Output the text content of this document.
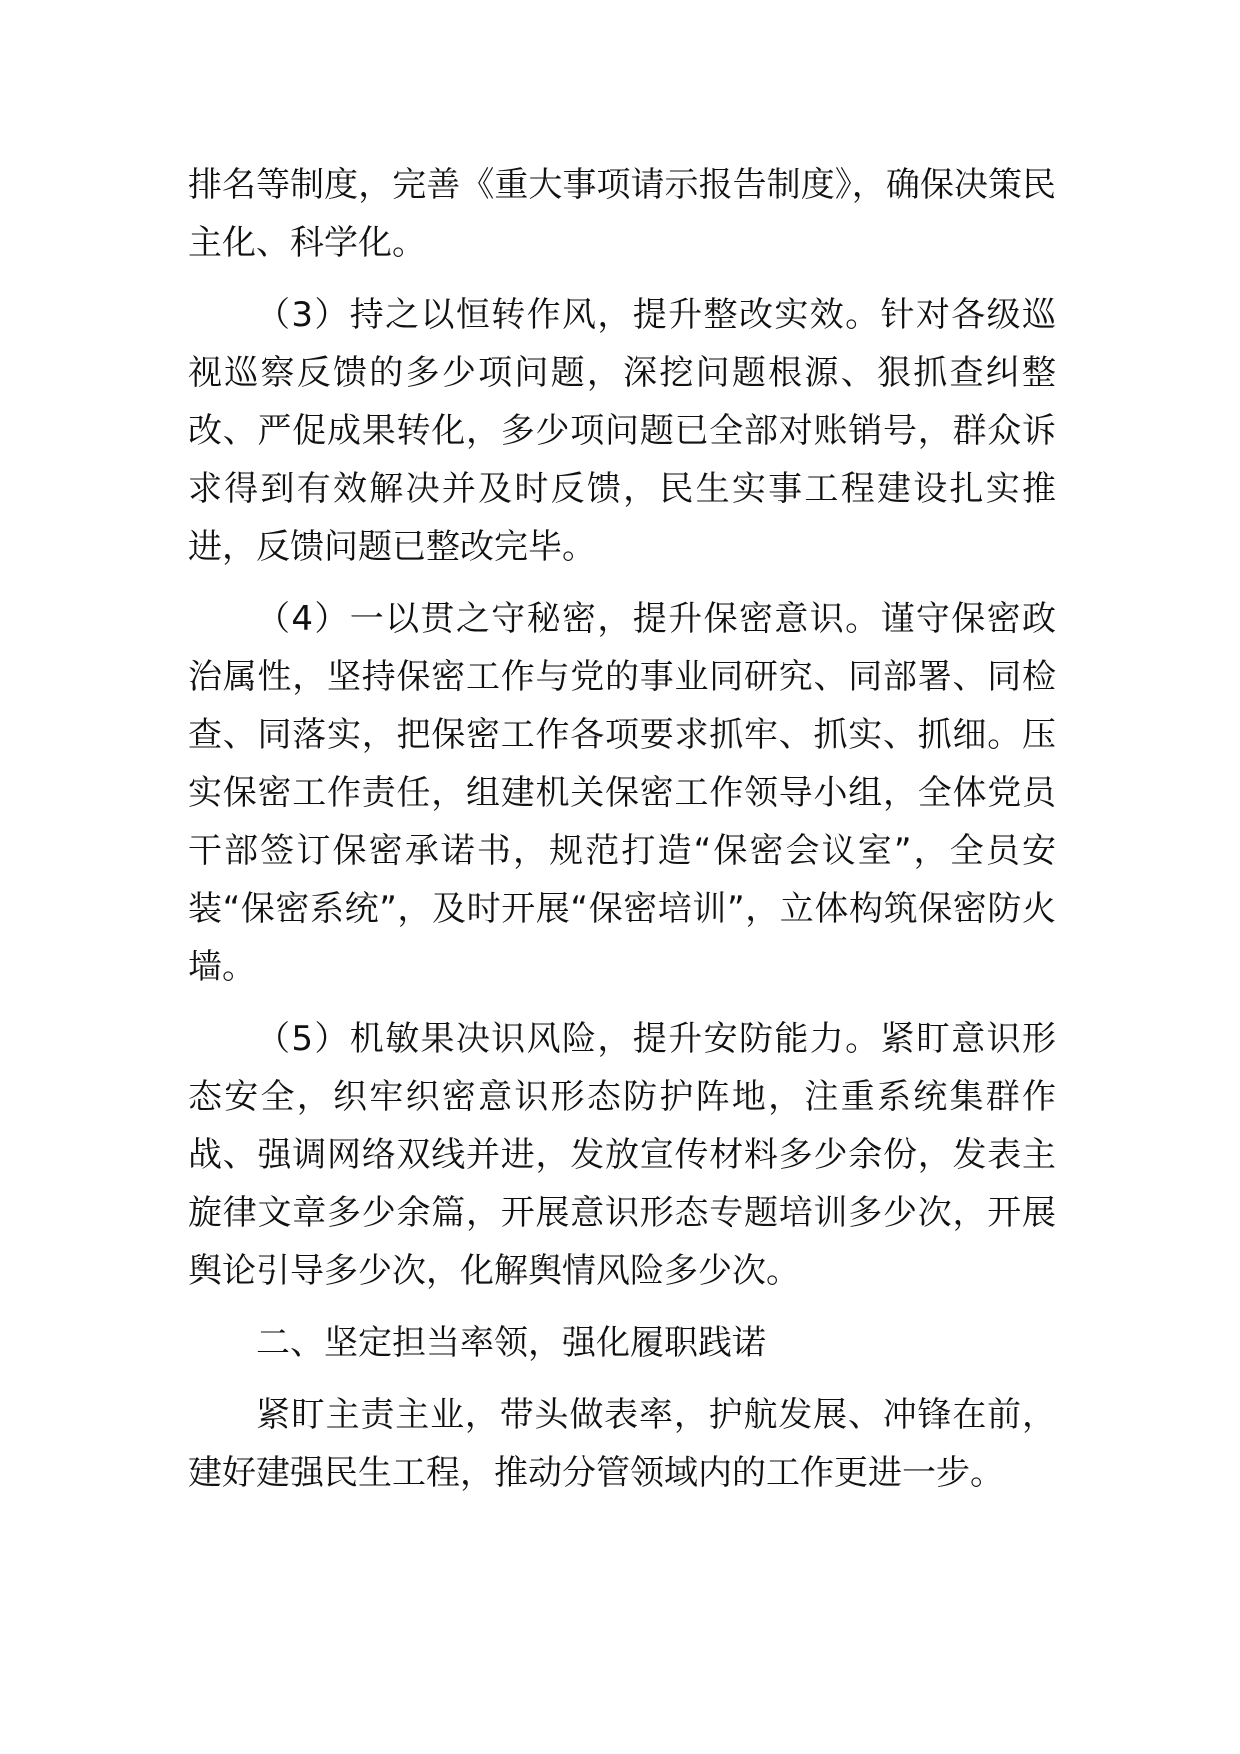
排名等制度，完善《重大事项请示报告制度》，确保决策民主化、科学化。

（3）持之以恒转作风，提升整改实效。针对各级巡视巡察反馈的多少项问题，深挖问题根源、狠抓查纠整改、严促成果转化，多少项问题已全部对账销号，群众诉求得到有效解决并及时反馈，民生实事工程建设扎实推进，反馈问题已整改完毕。

（4）一以贯之守秘密，提升保密意识。谨守保密政治属性，坚持保密工作与党的事业同研究、同部署、同检查、同落实，把保密工作各项要求抓牢、抓实、抓细。压实保密工作责任，组建机关保密工作领导小组，全体党员干部签订保密承诺书，规范打造“保密会议室”，全员安装“保密系统”，及时开展“保密培训”，立体构筑保密防火墙。

（5）机敏果决识风险，提升安防能力。紧盯意识形态安全，织牢织密意识形态防护阵地，注重系统集群作战、强调网络双线并进，发放宣传材料多少余份，发表主旋律文章多少余篇，开展意识形态专题培训多少次，开展舆论引导多少次，化解舆情风险多少次。

二、坚定担当率领，强化履职践诺

紧盯主责主业，带头做表率，护航发展、冲锋在前，建好建强民生工程，推动分管领域内的工作更进一步。
